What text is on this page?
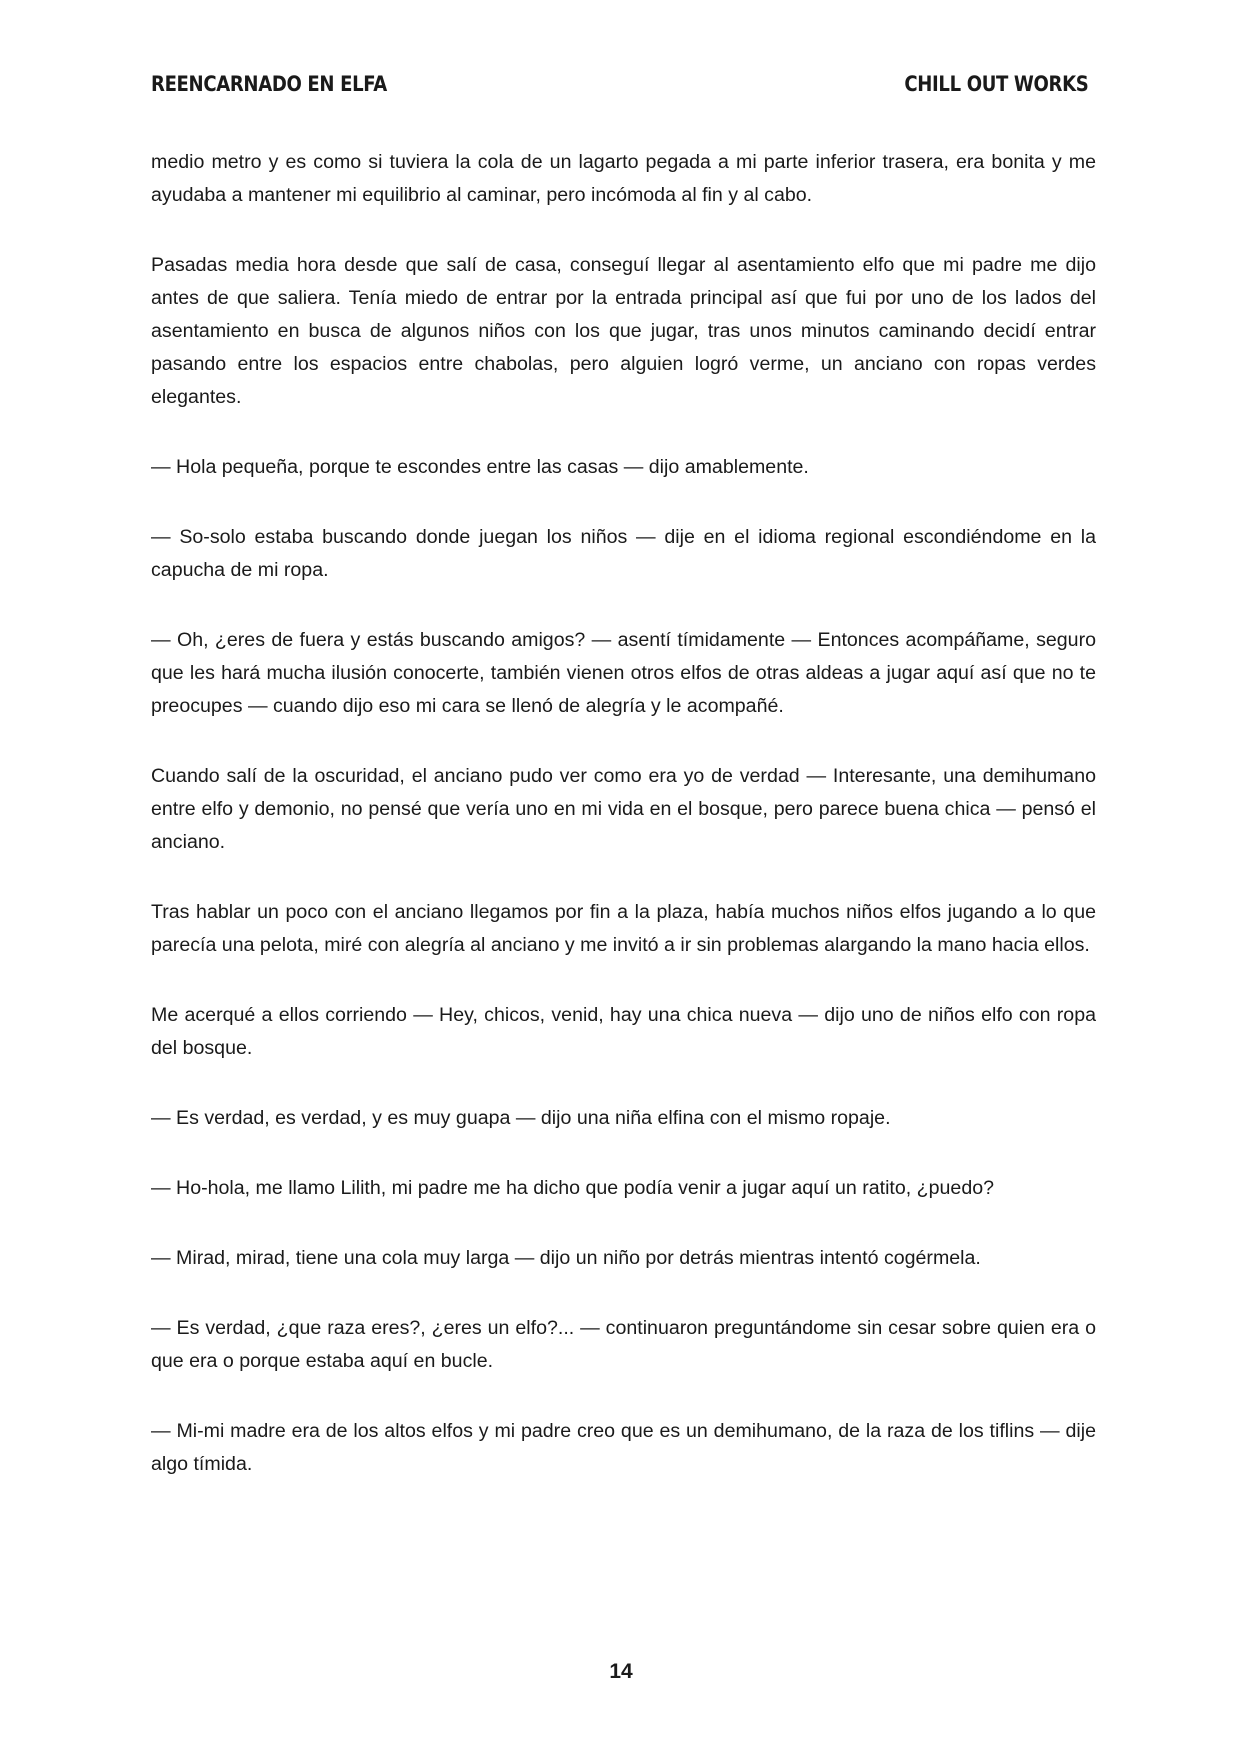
REENCARNADO EN ELFA	CHILL OUT WORKS

medio metro y es como si tuviera la cola de un lagarto pegada a mi parte inferior trasera, era bonita y me ayudaba a mantener mi equilibrio al caminar, pero incómoda al fin y al cabo.

Pasadas media hora desde que salí de casa, conseguí llegar al asentamiento elfo que mi padre me dijo antes de que saliera. Tenía miedo de entrar por la entrada principal así que fui por uno de los lados del asentamiento en busca de algunos niños con los que jugar, tras unos minutos caminando decidí entrar pasando entre los espacios entre chabolas, pero alguien logró verme, un anciano con ropas verdes elegantes.

— Hola pequeña, porque te escondes entre las casas — dijo amablemente.

— So-solo estaba buscando donde juegan los niños — dije en el idioma regional escondiéndome en la capucha de mi ropa.

— Oh, ¿eres de fuera y estás buscando amigos? — asentí tímidamente — Entonces acompáñame, seguro que les hará mucha ilusión conocerte, también vienen otros elfos de otras aldeas a jugar aquí así que no te preocupes — cuando dijo eso mi cara se llenó de alegría y le acompañé.

Cuando salí de la oscuridad, el anciano pudo ver como era yo de verdad — Interesante, una demihumano entre elfo y demonio, no pensé que vería uno en mi vida en el bosque, pero parece buena chica — pensó el anciano.

Tras hablar un poco con el anciano llegamos por fin a la plaza, había muchos niños elfos jugando a lo que parecía una pelota, miré con alegría al anciano y me invitó a ir sin problemas alargando la mano hacia ellos.

Me acerqué a ellos corriendo — Hey, chicos, venid, hay una chica nueva — dijo uno de niños elfo con ropa del bosque.

— Es verdad, es verdad, y es muy guapa — dijo una niña elfina con el mismo ropaje.

— Ho-hola, me llamo Lilith, mi padre me ha dicho que podía venir a jugar aquí un ratito, ¿puedo?

— Mirad, mirad, tiene una cola muy larga — dijo un niño por detrás mientras intentó cogérmela.

— Es verdad, ¿que raza eres?, ¿eres un elfo?... — continuaron preguntándome sin cesar sobre quien era o que era o porque estaba aquí en bucle.

— Mi-mi madre era de los altos elfos y mi padre creo que es un demihumano, de la raza de los tiflins — dije algo tímida.

14
